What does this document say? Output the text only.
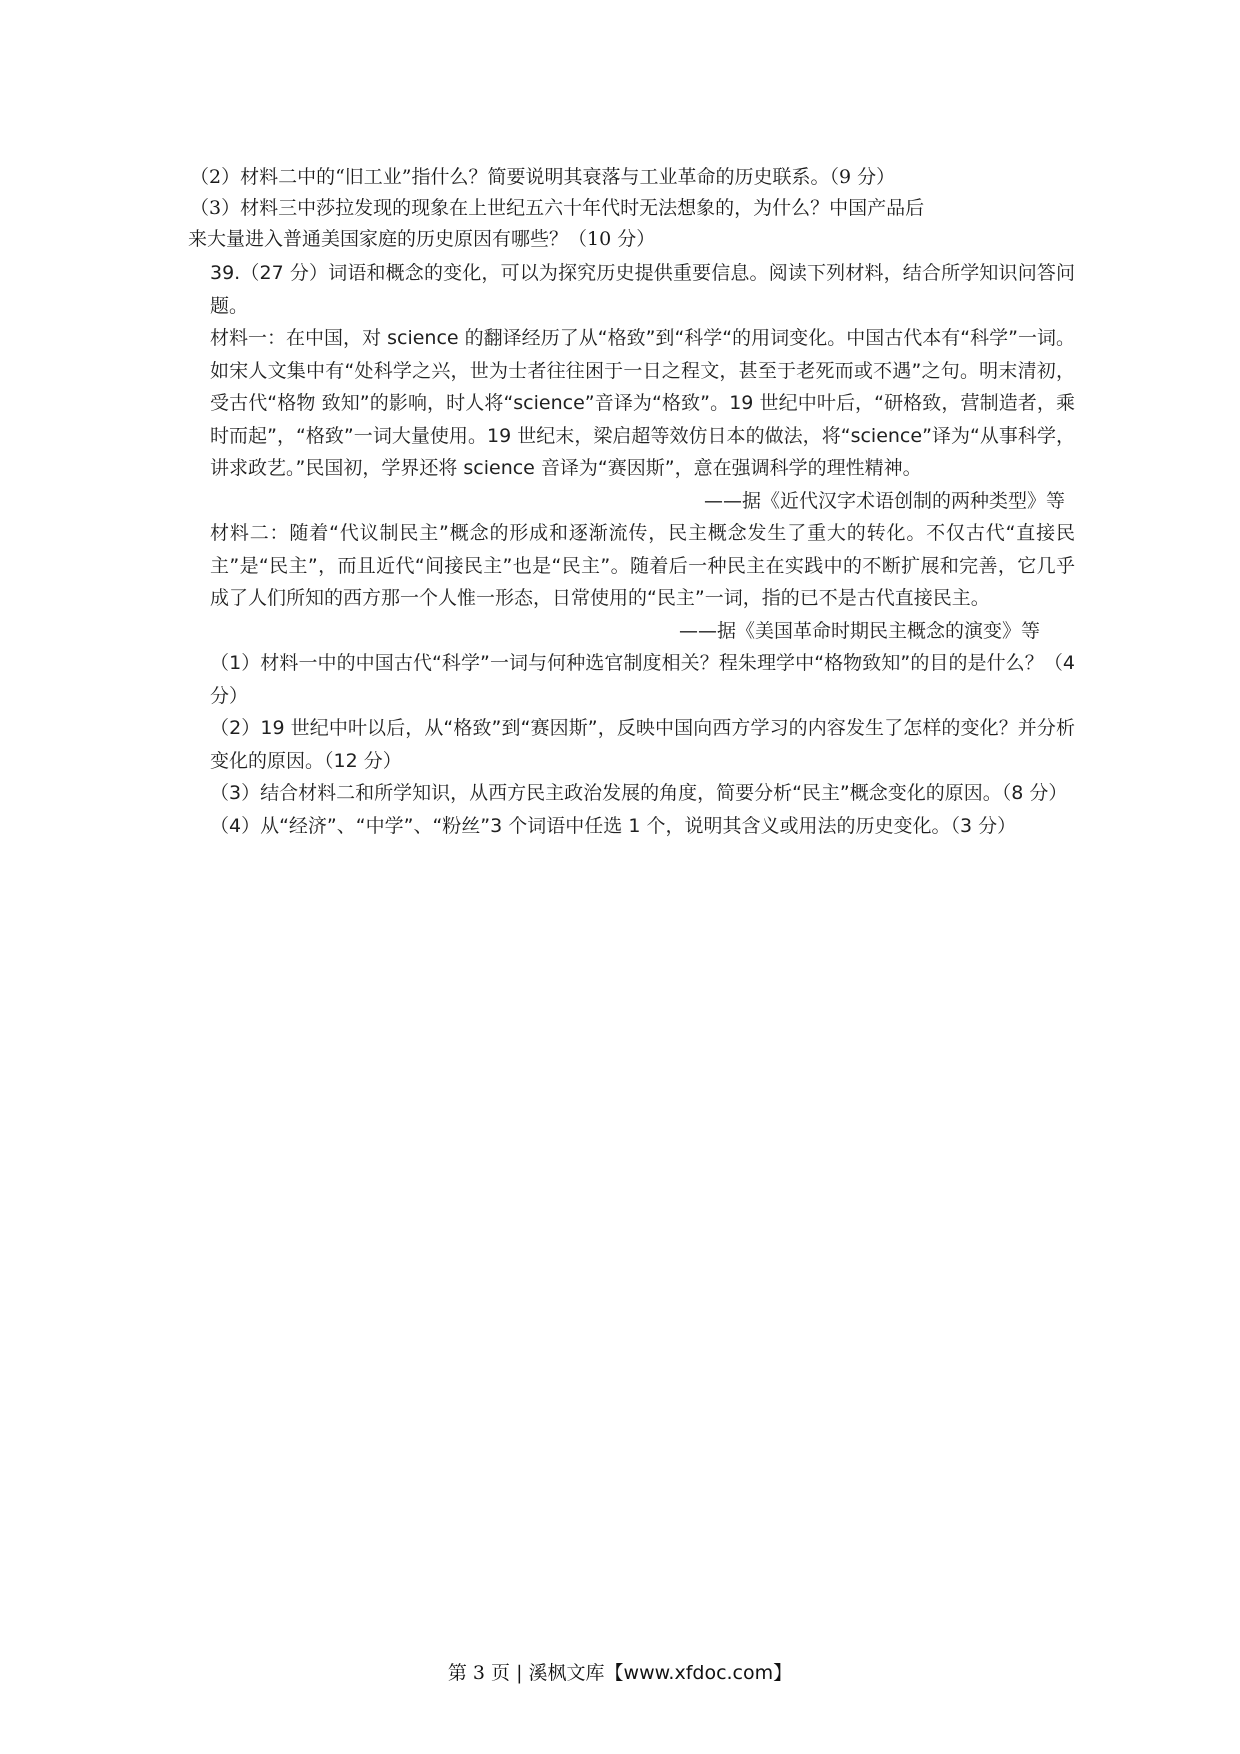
（2）材料二中的“旧工业”指什么？简要说明其衰落与工业革命的历史联系。（9 分）

（3）材料三中莎拉发现的现象在上世纪五六十年代时无法想象的，为什么？中国产品后

来大量进入普通美国家庭的历史原因有哪些？（10 分）

39.（27 分）词语和概念的变化，可以为探究历史提供重要信息。阅读下列材料，结合所学知识问答问题。

材料一：在中国，对 science 的翻译经历了从“格致”到“科学“的用词变化。中国古代本有“科学”一词。如宋人文集中有“处科学之兴，世为士者往往困于一日之程文，甚至于老死而或不遇”之句。明末清初，受古代“格物 致知”的影响，时人将“science”音译为“格致”。19 世纪中叶后，“研格致，营制造者，乘时而起”，“格致”一词大量使用。19 世纪末，梁启超等效仿日本的做法，将“science”译为“从事科学，讲求政艺。”民国初，学界还将 science 音译为“赛因斯”，意在强调科学的理性精神。

——据《近代汉字术语创制的两种类型》等

材料二：随着“代议制民主”概念的形成和逐渐流传，民主概念发生了重大的转化。不仅古代“直接民主”是“民主”，而且近代“间接民主”也是“民主”。随着后一种民主在实践中的不断扩展和完善，它几乎成了人们所知的西方那一个人惟一形态，日常使用的“民主”一词，指的已不是古代直接民主。

——据《美国革命时期民主概念的演变》等

（1）材料一中的中国古代“科学”一词与何种选官制度相关？程朱理学中“格物致知”的目的是什么？（4 分）

（2）19 世纪中叶以后，从“格致”到“赛因斯”，反映中国向西方学习的内容发生了怎样的变化？并分析变化的原因。（12 分）

（3）结合材料二和所学知识，从西方民主政治发展的角度，简要分析“民主”概念变化的原因。（8 分）

（4）从“经济”、“中学”、“粉丝”3 个词语中任选 1 个，说明其含义或用法的历史变化。（3 分）

第 3 页 | 溪枫文库【www.xfdoc.com】
